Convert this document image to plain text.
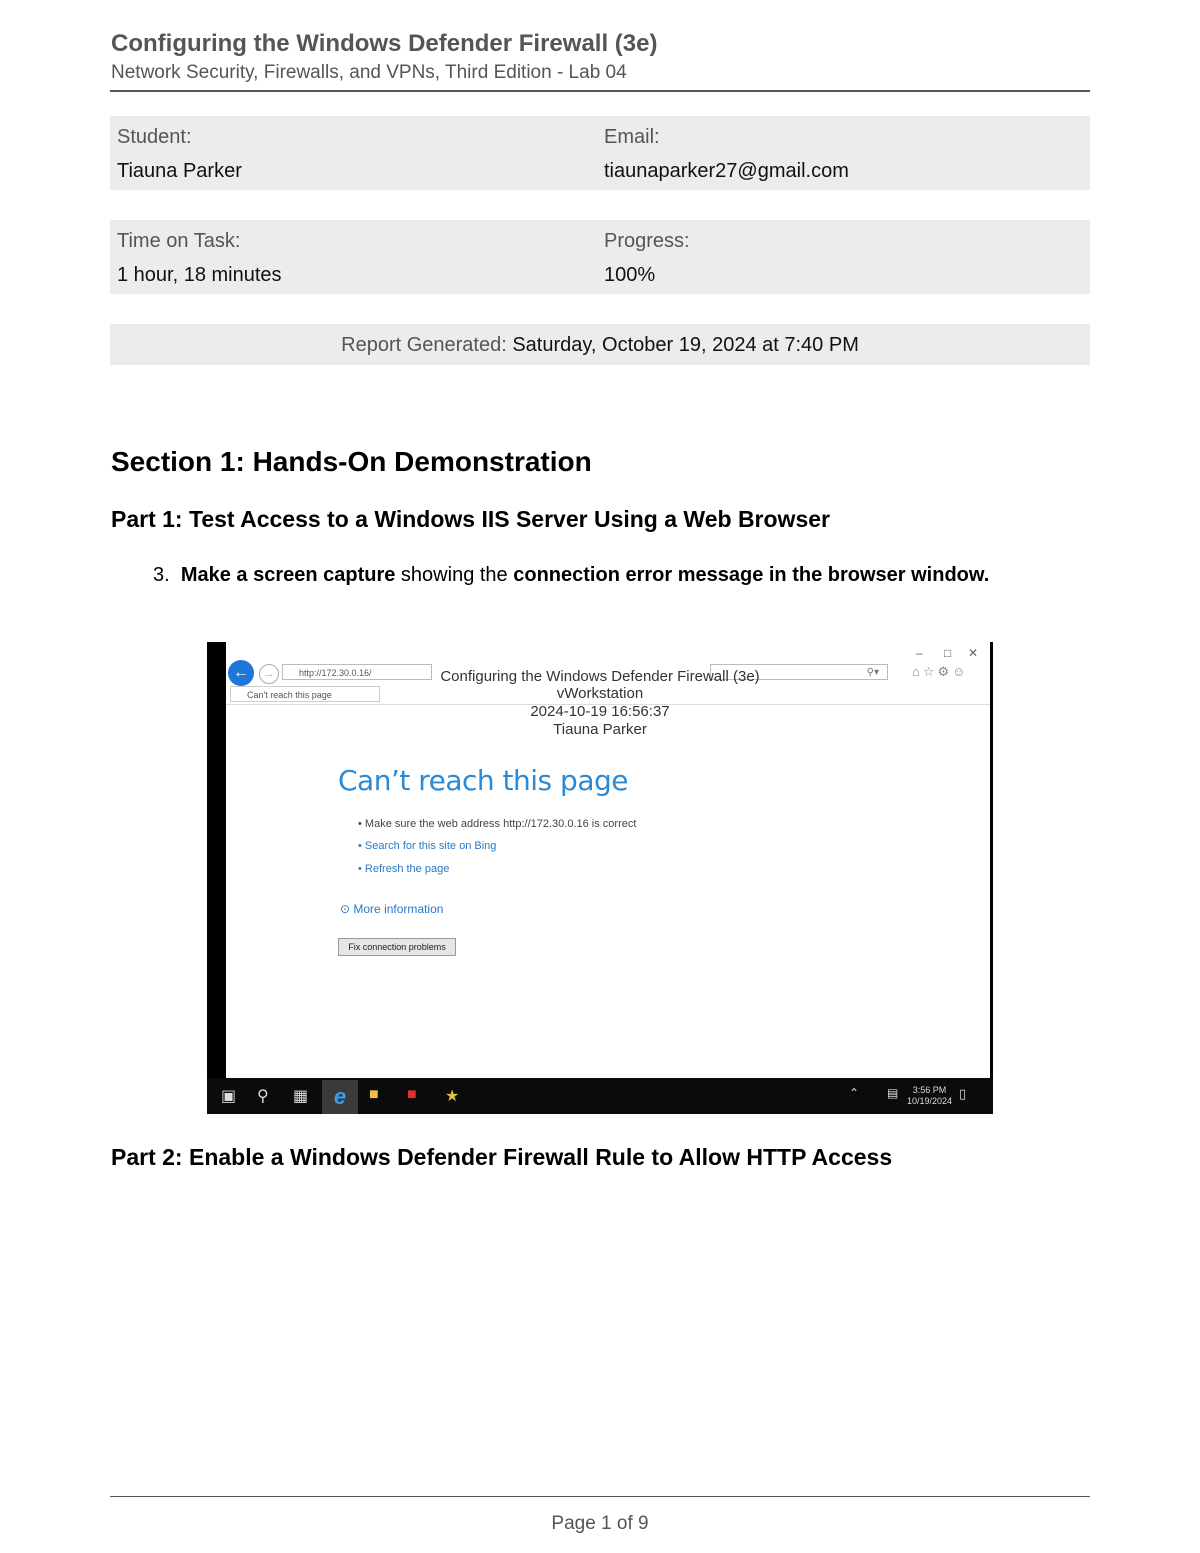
Configuring the Windows Defender Firewall (3e)
Network Security, Firewalls, and VPNs, Third Edition - Lab 04
Student:
Tiauna Parker
Email:
tiaunaparker27@gmail.com
Time on Task:
1 hour, 18 minutes
Progress:
100%
Report Generated: Saturday, October 19, 2024 at 7:40 PM
Section 1: Hands-On Demonstration
Part 1: Test Access to a Windows IIS Server Using a Web Browser
3. Make a screen capture showing the connection error message in the browser window.
←	→	http://172.30.0.16/	⚲▾	⌂☆⚙☺
– □ ✕
Can't reach this page
Can’t reach this page
• Make sure the web address http://172.30.0.16 is correct
• Search for this site on Bing
• Refresh the page
⊙ More information
Fix connection problems
Configuring the Windows Defender Firewall (3e)
vWorkstation
2024-10-19 16:56:37
Tiauna Parker
▣ ⚲ ▦	e	■ ■ ★	⌃ ▤	3:56 PM
10/19/2024 ▯
Part 2: Enable a Windows Defender Firewall Rule to Allow HTTP Access
Page 1 of 9
